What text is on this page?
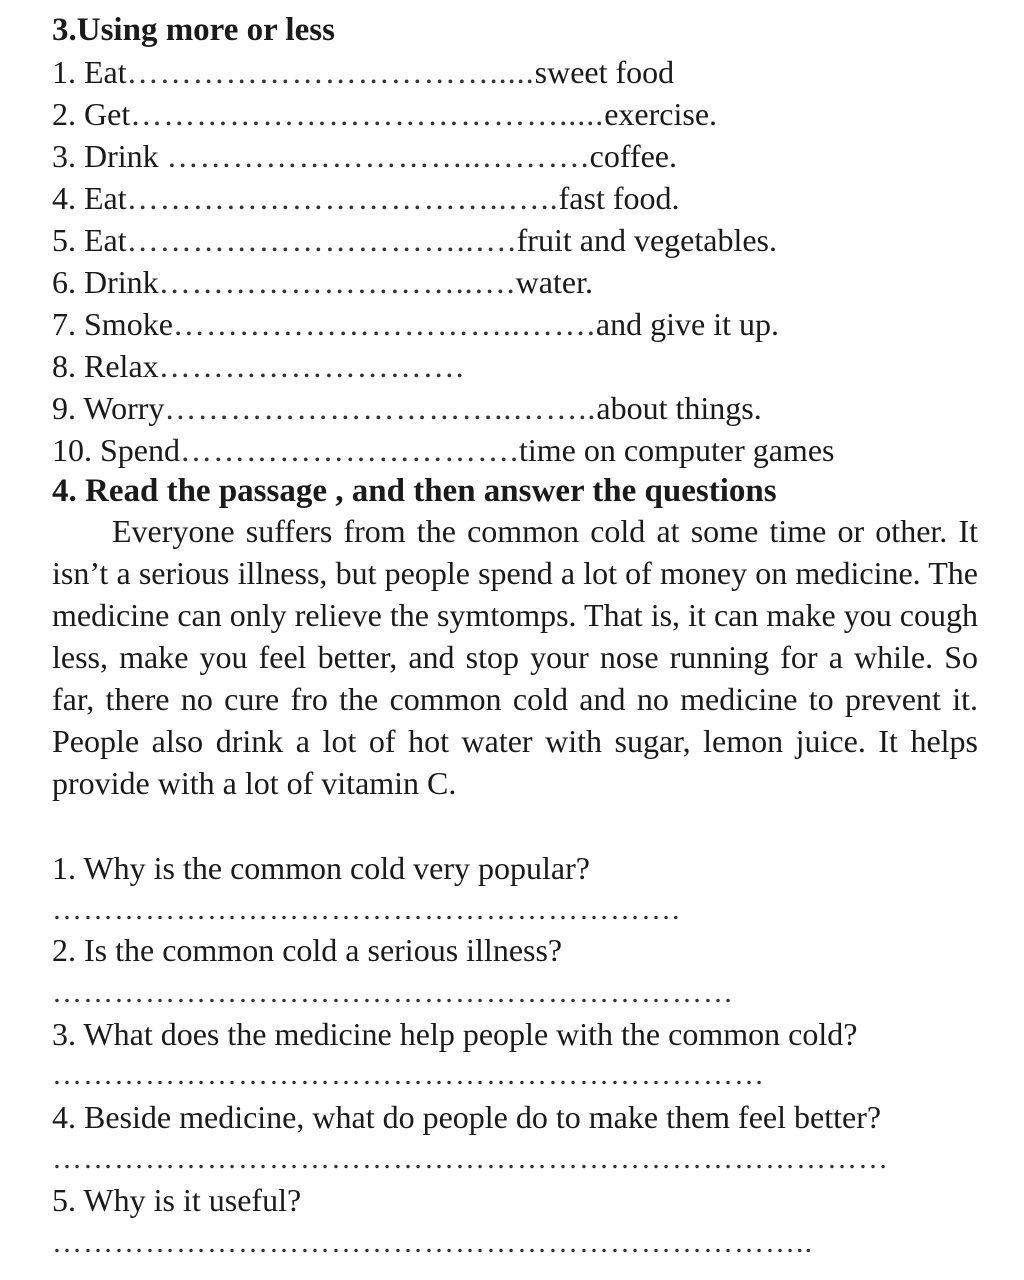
3.Using more or less
1. Eat…………………………….....sweet food
2. Get………………………………….....exercise.
3. Drink ………………………..……….coffee.
4. Eat……………………………..…..fast food.
5. Eat…………………………..….fruit and vegetables.
6. Drink………………………..….water.
7. Smoke…………………………..…….and give it up.
8. Relax……………………….
9. Worry…………………………..……..about things.
10. Spend………………………….time on computer games
4. Read the passage , and then answer the questions
Everyone suffers from the common cold at some time or other. It isn’t a serious illness, but people spend a lot of money on medicine. The medicine can only relieve the symtomps. That is, it can make you cough less, make you feel better, and stop your nose running for a while. So far, there no cure fro the common cold and no medicine to prevent it. People also drink a lot of hot water with sugar, lemon juice. It helps provide with a lot of vitamin C.
1. Why is the common cold very popular?
…………………………………………………….
2. Is the common cold a serious illness?
…………………………………………………………
3. What does the medicine help people with the common cold?
……………………………………………………………
4. Beside medicine, what do people do to make them feel better?
………………………………………………………………………
5. Why is it useful?
………………………………………………………………..
